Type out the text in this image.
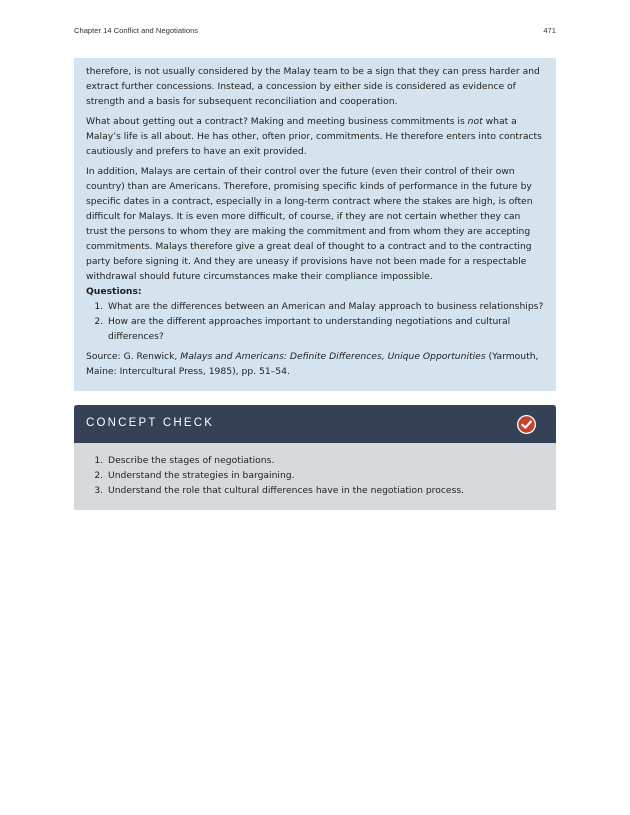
Chapter 14 Conflict and Negotiations	471

therefore, is not usually considered by the Malay team to be a sign that they can press harder and extract further concessions. Instead, a concession by either side is considered as evidence of strength and a basis for subsequent reconciliation and cooperation.

What about getting out a contract? Making and meeting business commitments is not what a Malay’s life is all about. He has other, often prior, commitments. He therefore enters into contracts cautiously and prefers to have an exit provided.

In addition, Malays are certain of their control over the future (even their control of their own country) than are Americans. Therefore, promising specific kinds of performance in the future by specific dates in a contract, especially in a long-term contract where the stakes are high, is often difficult for Malays. It is even more difficult, of course, if they are not certain whether they can trust the persons to whom they are making the commitment and from whom they are accepting commitments. Malays therefore give a great deal of thought to a contract and to the contracting party before signing it. And they are uneasy if provisions have not been made for a respectable withdrawal should future circumstances make their compliance impossible.

Questions:
1. What are the differences between an American and Malay approach to business relationships?
2. How are the different approaches important to understanding negotiations and cultural differences?

Source: G. Renwick, Malays and Americans: Definite Differences, Unique Opportunities (Yarmouth, Maine: Intercultural Press, 1985), pp. 51–54.

CONCEPT CHECK
1. Describe the stages of negotiations.
2. Understand the strategies in bargaining.
3. Understand the role that cultural differences have in the negotiation process.
